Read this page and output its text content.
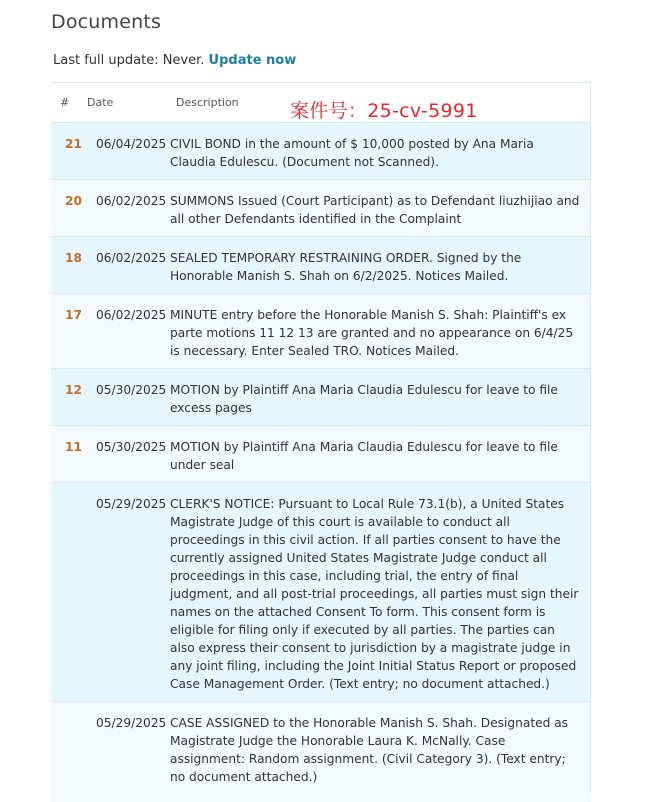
Documents
Last full update: Never. Update now
# Date	Description	案件号：25-cv-5991
21 06/04/2025 CIVIL BOND in the amount of $ 10,000 posted by Ana Maria Claudia Edulescu. (Document not Scanned).
20 06/02/2025 SUMMONS Issued (Court Participant) as to Defendant liuzhijiao and all other Defendants identified in the Complaint
18 06/02/2025 SEALED TEMPORARY RESTRAINING ORDER. Signed by the Honorable Manish S. Shah on 6/2/2025. Notices Mailed.
17 06/02/2025 MINUTE entry before the Honorable Manish S. Shah: Plaintiff's ex parte motions 11 12 13 are granted and no appearance on 6/4/25 is necessary. Enter Sealed TRO. Notices Mailed.
12 05/30/2025 MOTION by Plaintiff Ana Maria Claudia Edulescu for leave to file excess pages
11 05/30/2025 MOTION by Plaintiff Ana Maria Claudia Edulescu for leave to file under seal
05/29/2025 CLERK'S NOTICE: Pursuant to Local Rule 73.1(b), a United States Magistrate Judge of this court is available to conduct all proceedings in this civil action. If all parties consent to have the currently assigned United States Magistrate Judge conduct all proceedings in this case, including trial, the entry of final judgment, and all post-trial proceedings, all parties must sign their names on the attached Consent To form. This consent form is eligible for filing only if executed by all parties. The parties can also express their consent to jurisdiction by a magistrate judge in any joint filing, including the Joint Initial Status Report or proposed Case Management Order. (Text entry; no document attached.)
05/29/2025 CASE ASSIGNED to the Honorable Manish S. Shah. Designated as Magistrate Judge the Honorable Laura K. McNally. Case assignment: Random assignment. (Civil Category 3). (Text entry; no document attached.)
